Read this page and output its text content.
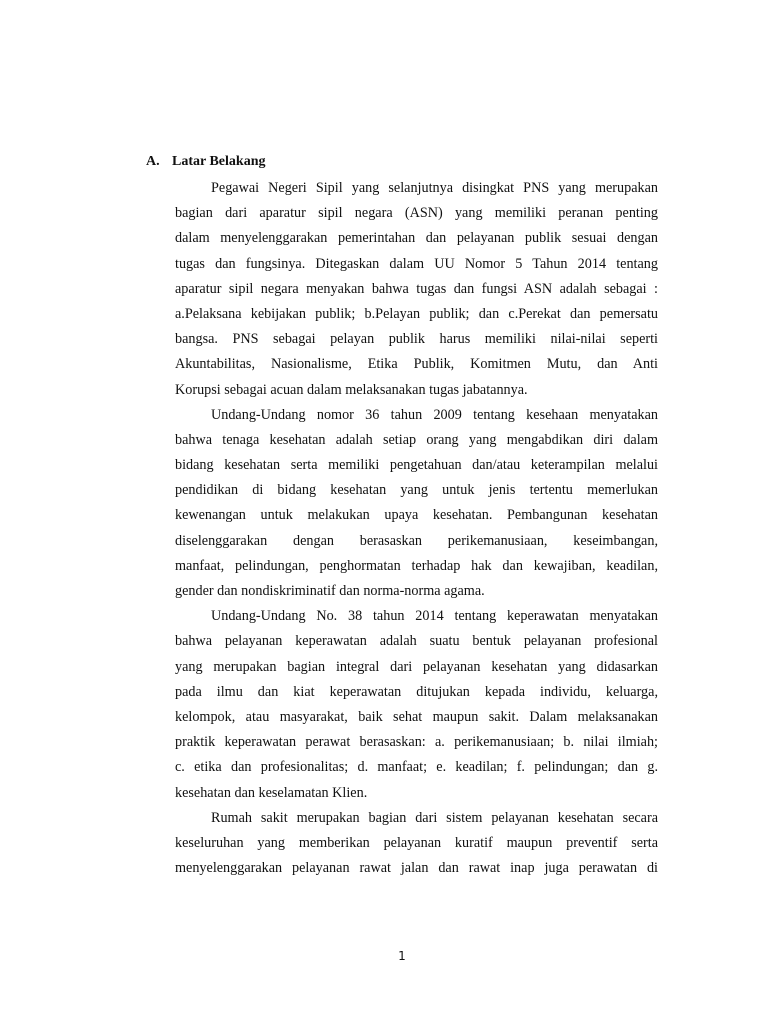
A. Latar Belakang
Pegawai Negeri Sipil yang selanjutnya disingkat PNS yang merupakan
bagian dari aparatur sipil negara (ASN) yang memiliki peranan penting
dalam menyelenggarakan pemerintahan dan pelayanan publik sesuai dengan
tugas dan fungsinya. Ditegaskan dalam UU Nomor 5 Tahun 2014 tentang
aparatur sipil negara menyakan bahwa tugas dan fungsi ASN adalah sebagai :
a.Pelaksana kebijakan publik; b.Pelayan publik; dan c.Perekat dan pemersatu
bangsa. PNS sebagai pelayan publik harus memiliki nilai-nilai seperti
Akuntabilitas, Nasionalisme, Etika Publik, Komitmen Mutu, dan Anti
Korupsi sebagai acuan dalam melaksanakan tugas jabatannya.
Undang-Undang nomor 36 tahun 2009 tentang kesehaan menyatakan
bahwa tenaga kesehatan adalah setiap orang yang mengabdikan diri dalam
bidang kesehatan serta memiliki pengetahuan dan/atau keterampilan melalui
pendidikan di bidang kesehatan yang untuk jenis tertentu memerlukan
kewenangan untuk melakukan upaya kesehatan. Pembangunan kesehatan
diselenggarakan dengan berasaskan perikemanusiaan, keseimbangan,
manfaat, pelindungan, penghormatan terhadap hak dan kewajiban, keadilan,
gender dan nondiskriminatif dan norma-norma agama.
Undang-Undang No. 38 tahun 2014 tentang keperawatan menyatakan
bahwa pelayanan keperawatan adalah suatu bentuk pelayanan profesional
yang merupakan bagian integral dari pelayanan kesehatan yang didasarkan
pada ilmu dan kiat keperawatan ditujukan kepada individu, keluarga,
kelompok, atau masyarakat, baik sehat maupun sakit. Dalam melaksanakan
praktik keperawatan perawat berasaskan: a. perikemanusiaan; b. nilai ilmiah;
c. etika dan profesionalitas; d. manfaat; e. keadilan; f. pelindungan; dan g.
kesehatan dan keselamatan Klien.
Rumah sakit merupakan bagian dari sistem pelayanan kesehatan secara
keseluruhan yang memberikan pelayanan kuratif maupun preventif serta
menyelenggarakan pelayanan rawat jalan dan rawat inap juga perawatan di
1
